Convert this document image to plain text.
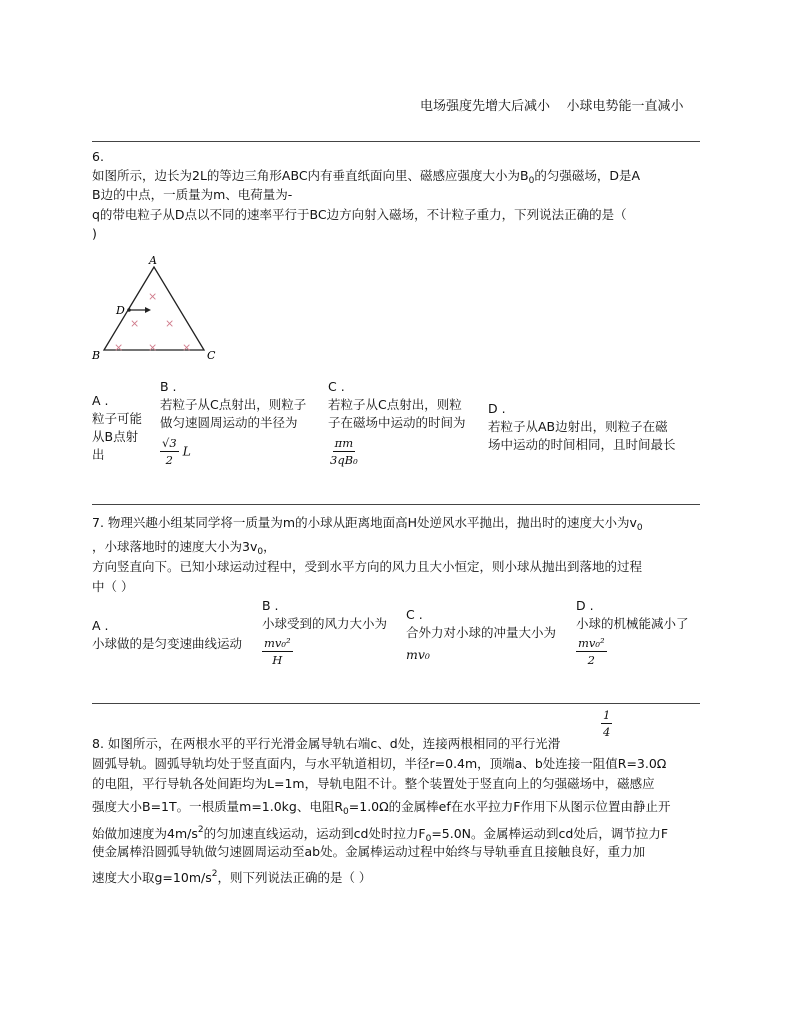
电场强度先增大后减小    小球电势能一直减小
6.
如图所示，边长为2L的等边三角形ABC内有垂直纸面向里、磁感应强度大小为$B_0$的匀强磁场，D是A
B边的中点，一质量为m、电荷量为-
q的带电粒子从D点以不同的速率平行于BC边方向射入磁场，不计粒子重力，下列说法正确的是（
)
A
B	C
D
×
× ×
× × ×
A .
粒子可能
从B点射
出
B .
若粒子从C点射出，则粒子
做匀速圆周运动的半径为
$\frac{√3}{2}$ L
C .
若粒子从C点射出，则粒
子在磁场中运动的时间为
$\frac{\pi m}{\text{3qB₀}}$
D .
若粒子从AB边射出，则粒子在磁
场中运动的时间相同，且时间最长
7. 物理兴趣小组某同学将一质量为m的小球从距离地面高H处逆风水平抛出，抛出时的速度大小为$v_0$
，小球落地时的速度大小为$3v_0$，
方向竖直向下。已知小球运动过程中，受到水平方向的风力且大小恒定，则小球从抛出到落地的过程
中（ ）
A .
小球做的是匀变速曲线运动
B .
小球受到的风力大小为
$\frac{\text{mv₀²}}{H}$
C .
合外力对小球的冲量大小为
mv₀
D .
小球的机械能减小了
$\frac{\text{mv₀²}}{2}$
$\frac{1}{4}$
8. 如图所示，在两根水平的平行光滑金属导轨右端c、d处，连接两根相同的平行光滑
圆弧导轨。圆弧导轨均处于竖直面内，与水平轨道相切，半径r=0.4m，顶端a、b处连接一阻值R=3.0Ω
的电阻，平行导轨各处间距均为L=1m，导轨电阻不计。整个装置处于竖直向上的匀强磁场中，磁感应
强度大小B=1T。一根质量m=1.0kg、电阻$R_0=1.0\Omega$的金属棒ef在水平拉力F作用下从图示位置由静止开
始做加速度为$4m/s^2$的匀加速直线运动，运动到cd处时拉力$F_0=5.0N$。金属棒运动到cd处后，调节拉力F
使金属棒沿圆弧导轨做匀速圆周运动至ab处。金属棒运动过程中始终与导轨垂直且接触良好，重力加
速度大小取$g=10m/s^2$，则下列说法正确的是（ ）
